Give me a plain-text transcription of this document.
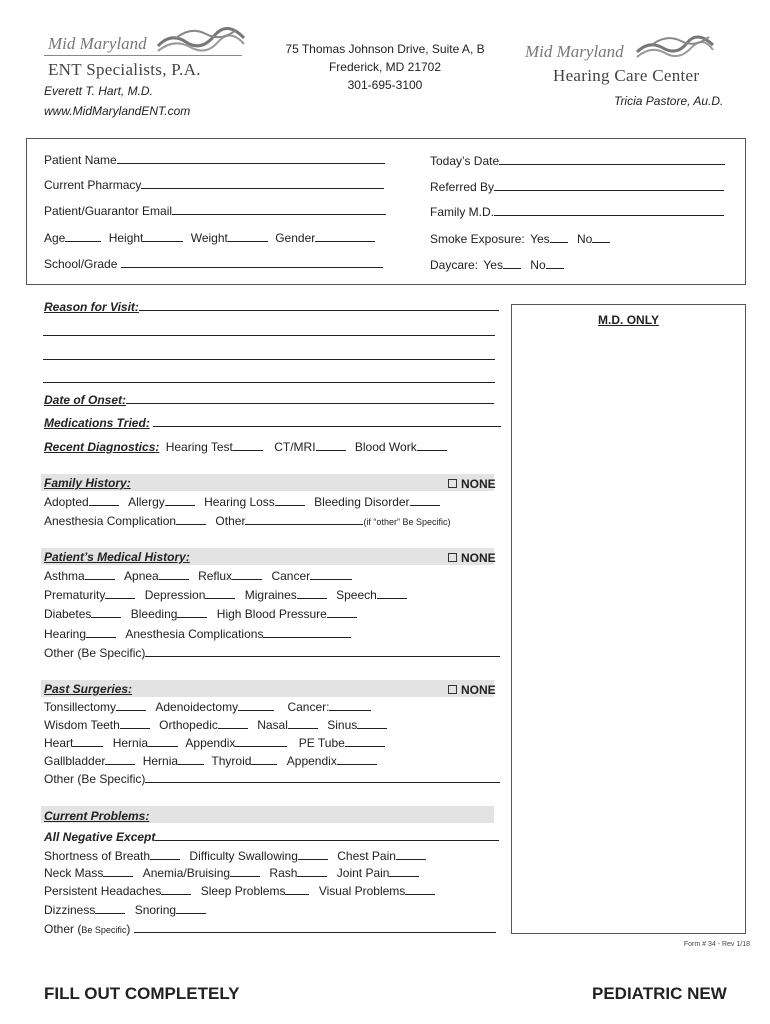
Mid Maryland
ENT Specialists, P.A.
Everett T. Hart, M.D.
www.MidMarylandENT.com
75 Thomas Johnson Drive, Suite A, B
Frederick, MD 21702
301-695-3100
Mid Maryland
Hearing Care Center
Tricia Pastore, Au.D.
Patient Name
Current Pharmacy
Patient/Guarantor Email
Age	Height	Weight	Gender
School/Grade
Today’s Date
Referred By
Family M.D.
Smoke Exposure: Yes No
Daycare: Yes No
M.D. ONLY
Reason for Visit:
Date of Onset:
Medications Tried:
Recent Diagnostics: Hearing Test	CT/MRI	Blood Work
Family History:	NONE
Adopted	Allergy	Hearing Loss	Bleeding Disorder
Anesthesia Complication	Other	(if “other” Be Specific)
Patient’s Medical History:	NONE
Asthma	Apnea	Reflux	Cancer
Prematurity	Depression	Migraines	Speech
Diabetes	Bleeding	High Blood Pressure
Hearing	Anesthesia Complications
Other (Be Specific)
Past Surgeries:	NONE
Tonsillectomy	Adenoidectomy	Cancer:
Wisdom Teeth	Orthopedic	Nasal	Sinus
Heart	Hernia	Appendix	PE Tube
Gallbladder	Hernia	Thyroid	Appendix
Other (Be Specific)
Current Problems:
All Negative Except
Shortness of Breath	Difficulty Swallowing	Chest Pain
Neck Mass	Anemia/Bruising	Rash	Joint Pain
Persistent Headaches	Sleep Problems	Visual Problems
Dizziness	Snoring
Other (Be Specific)
Form # 34 - Rev 1/18
FILL OUT COMPLETELY	PEDIATRIC NEW
